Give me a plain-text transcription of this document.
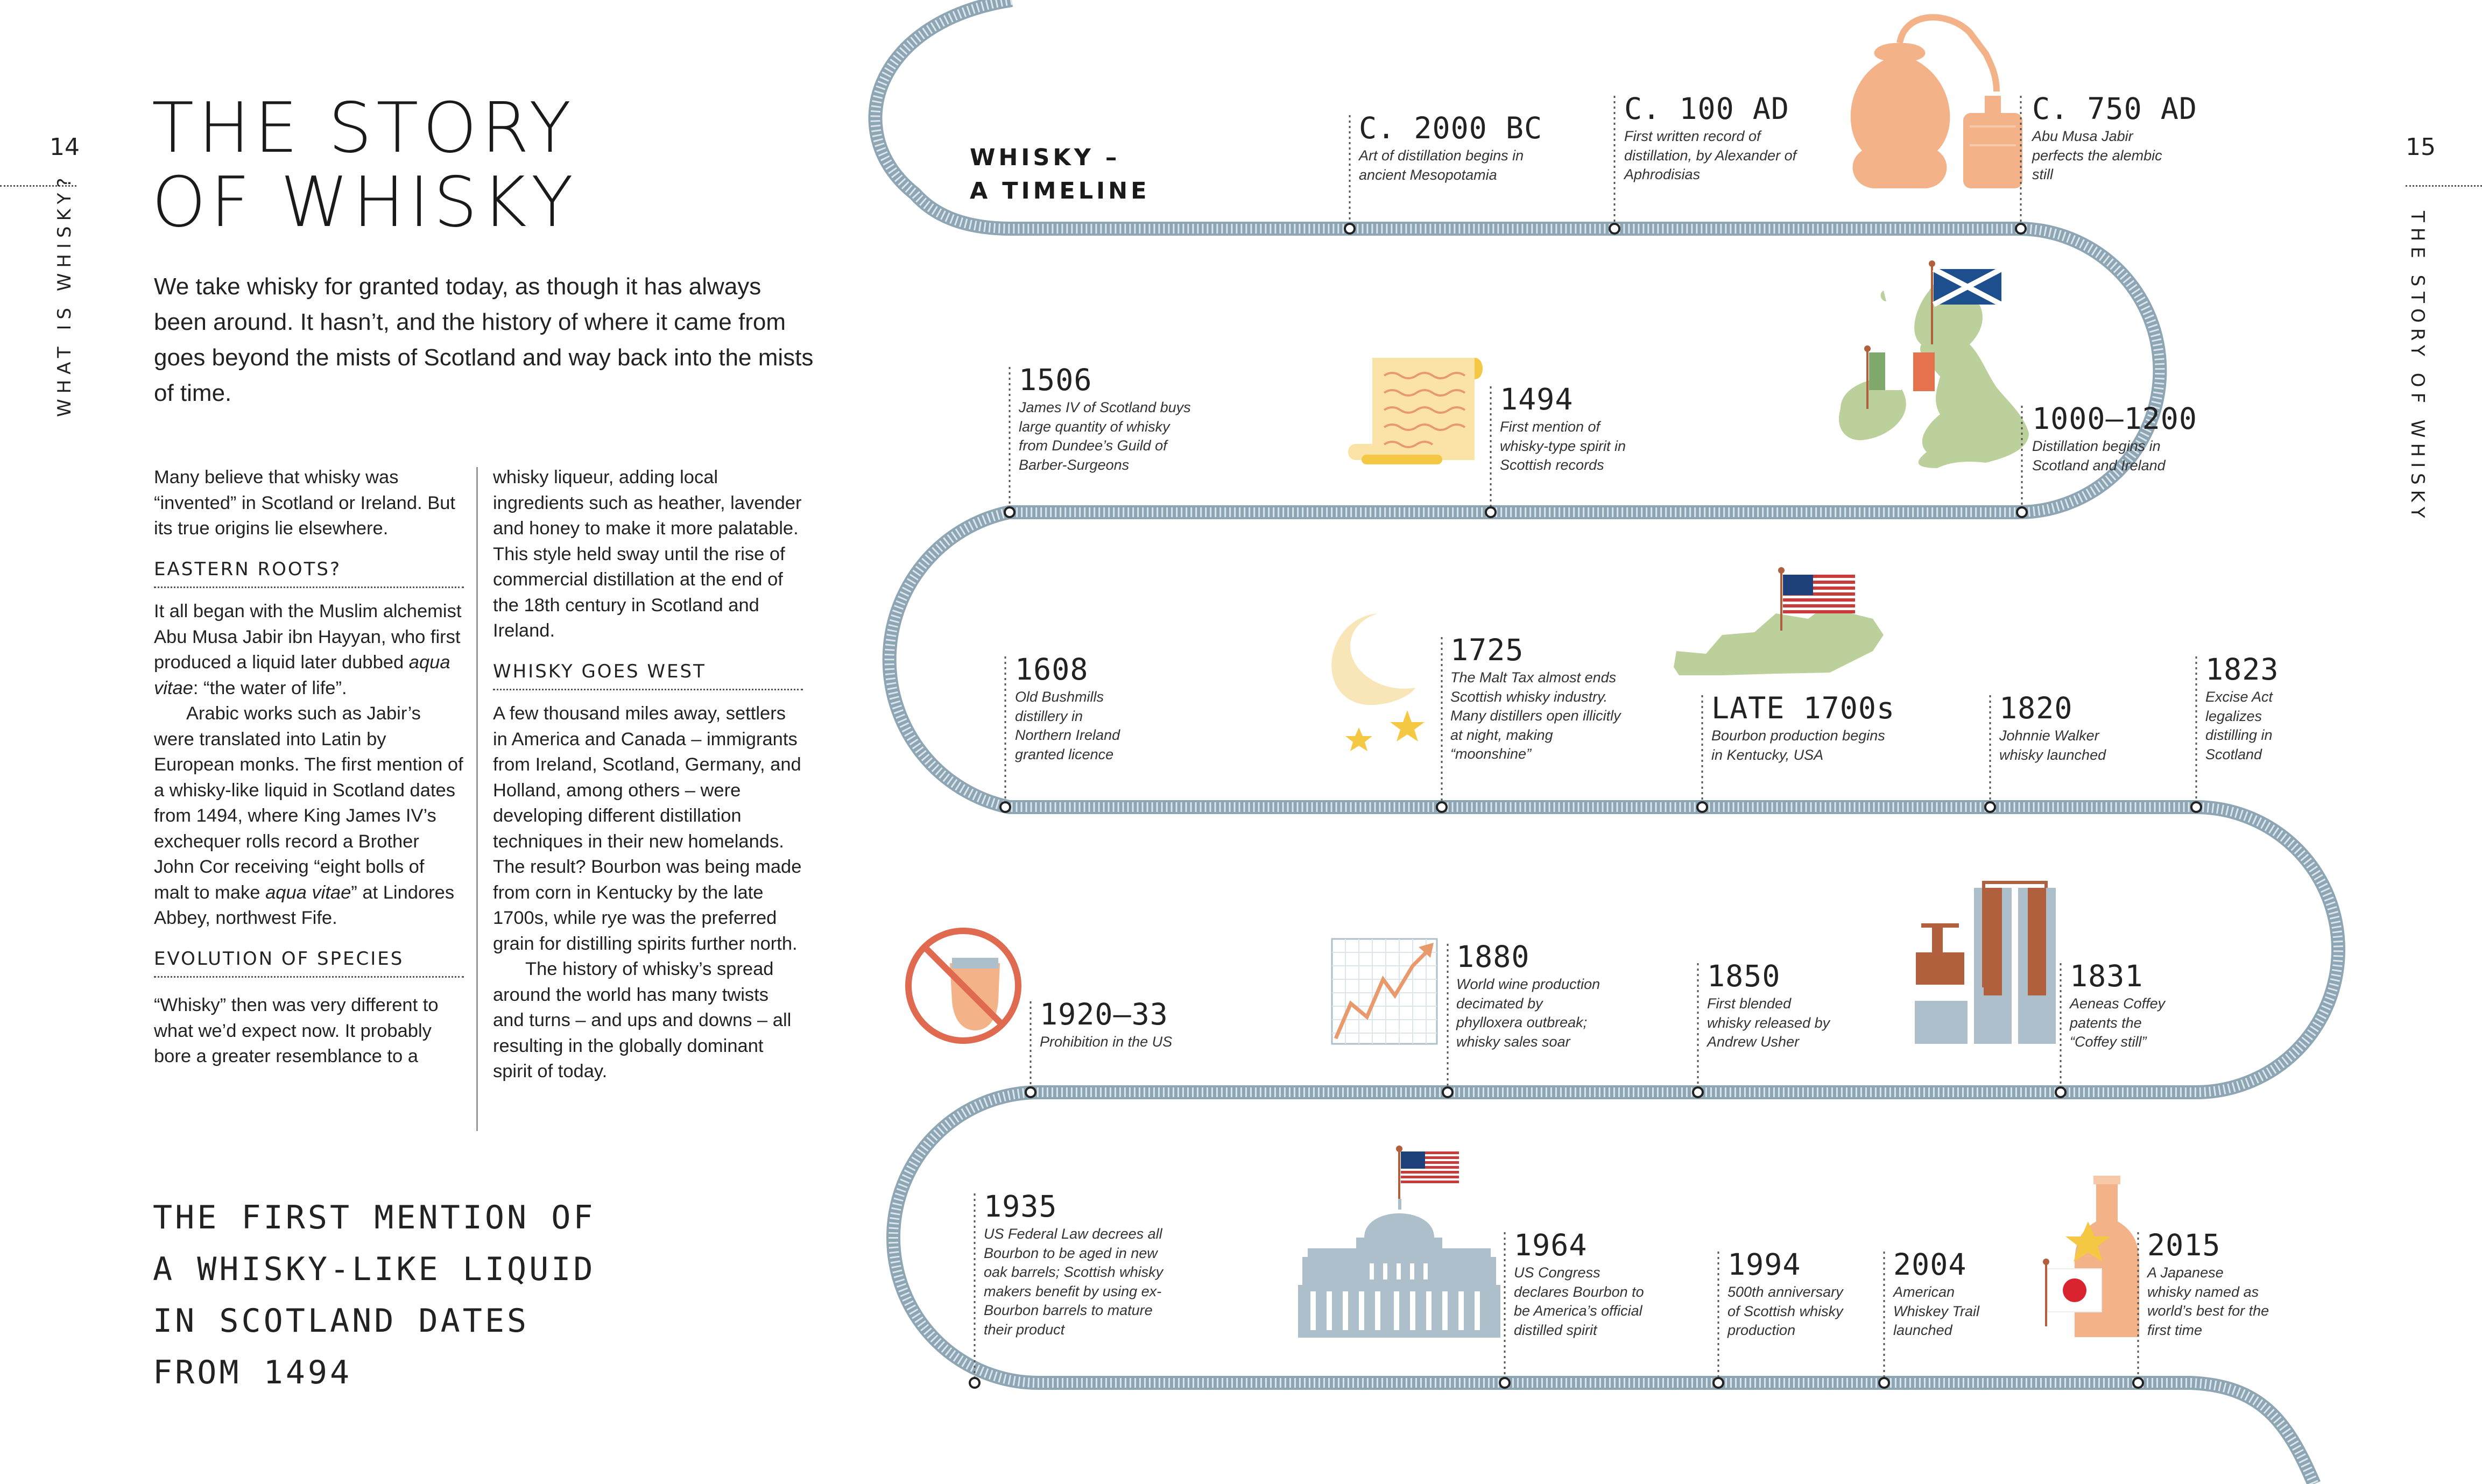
14
WHAT IS WHISKY?
THE STORY
OF WHISKY
We take whisky for granted today, as though it has always been around. It hasn’t, and the history of where it came from goes beyond the mists of Scotland and way back into the mists of time.

Many believe that whisky was “invented” in Scotland or Ireland. But its true origins lie elsewhere.

EASTERN ROOTS?

It all began with the Muslim alchemist Abu Musa Jabir ibn Hayyan, who first produced a liquid later dubbed aqua vitae: “the water of life”.

Arabic works such as Jabir’s were translated into Latin by European monks. The first mention of a whisky-like liquid in Scotland dates from 1494, where King James IV’s exchequer rolls record a Brother John Cor receiving “eight bolls of malt to make aqua vitae” at Lindores Abbey, northwest Fife.

EVOLUTION OF SPECIES

“Whisky” then was very different to what we’d expect now. It probably bore a greater resemblance to a

whisky liqueur, adding local ingredients such as heather, lavender and honey to make it more palatable. This style held sway until the rise of commercial distillation at the end of the 18th century in Scotland and Ireland.

WHISKY GOES WEST

A few thousand miles away, settlers in America and Canada – immigrants from Ireland, Scotland, Germany, and Holland, among others – were developing different distillation techniques in their new homelands. The result? Bourbon was being made from corn in Kentucky by the late 1700s, while rye was the preferred grain for distilling spirits further north.

The history of whisky’s spread around the world has many twists and turns – and ups and downs – all resulting in the globally dominant spirit of today.

THE FIRST MENTION OF A WHISKY-LIKE LIQUID IN SCOTLAND DATES FROM 1494
15
THE STORY OF WHISKY
WHISKY –
A TIMELINE
C. 2000 BC
Art of distillation begins in ancient Mesopotamia
C. 100 AD
First written record of distillation, by Alexander of Aphrodisias
C. 750 AD
Abu Musa Jabir perfects the alembic still
1506
James IV of Scotland buys large quantity of whisky from Dundee’s Guild of Barber-Surgeons
1494
First mention of whisky-type spirit in Scottish records
1000–1200
Distillation begins in Scotland and Ireland
1608
Old Bushmills distillery in Northern Ireland granted licence
1725
The Malt Tax almost ends Scottish whisky industry. Many distillers open illicitly at night, making “moonshine”
LATE 1700s
Bourbon production begins in Kentucky, USA
1820
Johnnie Walker whisky launched
1823
Excise Act legalizes distilling in Scotland
1920–33
Prohibition in the US
1880
World wine production decimated by phylloxera outbreak; whisky sales soar
1850
First blended whisky released by Andrew Usher
1831
Aeneas Coffey patents the “Coffey still”
1935
US Federal Law decrees all Bourbon to be aged in new oak barrels; Scottish whisky makers benefit by using ex-Bourbon barrels to mature their product
1964
US Congress declares Bourbon to be America’s official distilled spirit
1994
500th anniversary of Scottish whisky production
2004
American Whiskey Trail launched
2015
A Japanese whisky named as world’s best for the first time
